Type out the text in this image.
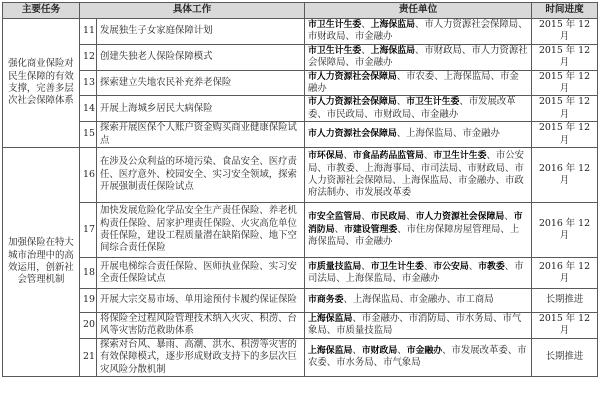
主要任务	具体工作		责任单位	时间进度
强化商业保险对民生保障的有效支撑，完善多层次社会保障体系	11	发展独生子女家庭保障计划	市卫生计生委、上海保监局、市人力资源社会保障局、市财政局、市金融办	2015 年 12 月
	12	创建失独老人保险保障模式	市卫生计生委、上海保监局、市财政局、市人力资源社会保障局、市金融办	2015 年 12 月
	13	探索建立失地农民补充养老保险	市人力资源社会保障局、市农委、上海保监局、市金融办	2015 年 12 月
	14	开展上海城乡居民大病保险	市人力资源社会保障局、市卫生计生委、市发展改革委、市民政局、市财政局、市金融办	2015 年 12 月
	15	探索开展医保个人账户资金购买商业健康保险试点	市人力资源社会保障局、上海保监局、市金融办	2015 年 12 月
加强保险在特大城市治理中的高效运用，创新社会管理机制	16	在涉及公众利益的环境污染、食品安全、医疗责任、医疗意外、校园安全、实习安全领域，探索开展强制责任保险试点	市环保局、市食品药品监管局、市卫生计生委、市公安局、市教委、上海海事局、市司法局、市财政局、市人力资源社会保障局、上海保监局、市金融办、市政府法制办、市发展改革委	2016 年 12 月
	17	加快发展危险化学品安全生产责任保险、养老机构责任保险、居家护理责任保险、火灾高危单位责任保险，建设工程质量潜在缺陷保险、地下空间综合责任保险	市安全监管局、市民政局、市人力资源社会保障局、市消防局、市建设管理委、市住房保障房屋管理局、上海保监局、市金融办	2016 年 12 月
	18	开展电梯综合责任保险、医师执业保险、实习安全责任保险试点	市质量技监局、市卫生计生委、市公安局、市教委、市司法局、上海保监局、市金融办	2016 年 12 月
	19	开展大宗交易市场、单用途预付卡履约保证保险	市商务委、上海保监局、市金融办、市工商局	长期推进
	20	将保险全过程风险管理技术纳入火灾、积涝、台风等灾害防范救助体系	上海保监局、市金融办、市消防局、市水务局、市气象局、市质量技监局	2015 年 12 月
	21	探索对台风、暴雨、高潮、洪水、积涝等灾害的有效保障模式，逐步形成财政支持下的多层次巨灾风险分散机制	上海保监局、市财政局、市金融办、市发展改革委、市农委、市水务局、市气象局	长期推进
